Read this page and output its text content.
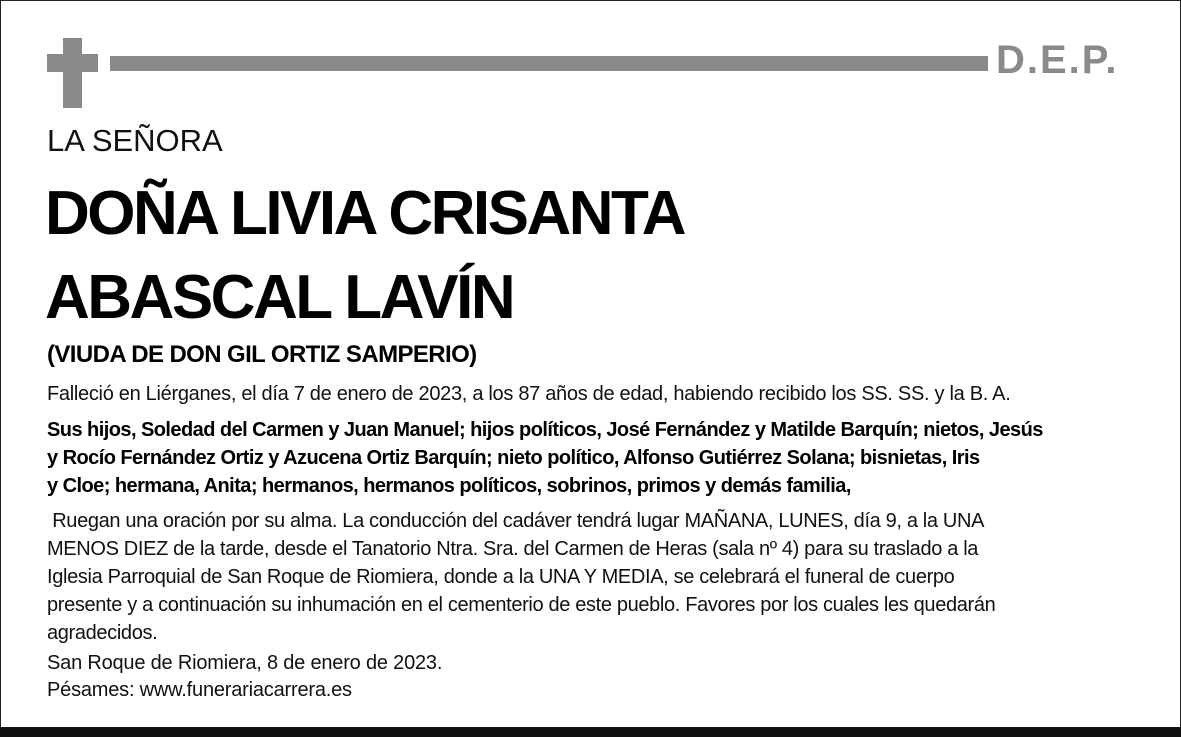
D.E.P.
LA SEÑORA
DOÑA LIVIA CRISANTA
ABASCAL LAVÍN
(VIUDA DE DON GIL ORTIZ SAMPERIO)
Falleció en Liérganes, el día 7 de enero de 2023, a los 87 años de edad, habiendo recibido los SS. SS. y la B. A.
Sus hijos, Soledad del Carmen y Juan Manuel; hijos políticos, José Fernández y Matilde Barquín; nietos, Jesús
y Rocío Fernández Ortiz y Azucena Ortiz Barquín; nieto político, Alfonso Gutiérrez Solana; bisnietas, Iris
y Cloe; hermana, Anita; hermanos, hermanos políticos, sobrinos, primos y demás familia,
Ruegan una oración por su alma. La conducción del cadáver tendrá lugar MAÑANA, LUNES, día 9, a la UNA
MENOS DIEZ de la tarde, desde el Tanatorio Ntra. Sra. del Carmen de Heras (sala nº 4) para su traslado a la
Iglesia Parroquial de San Roque de Riomiera, donde a la UNA Y MEDIA, se celebrará el funeral de cuerpo
presente y a continuación su inhumación en el cementerio de este pueblo. Favores por los cuales les quedarán
agradecidos.
San Roque de Riomiera, 8 de enero de 2023.
Pésames: www.funerariacarrera.es
